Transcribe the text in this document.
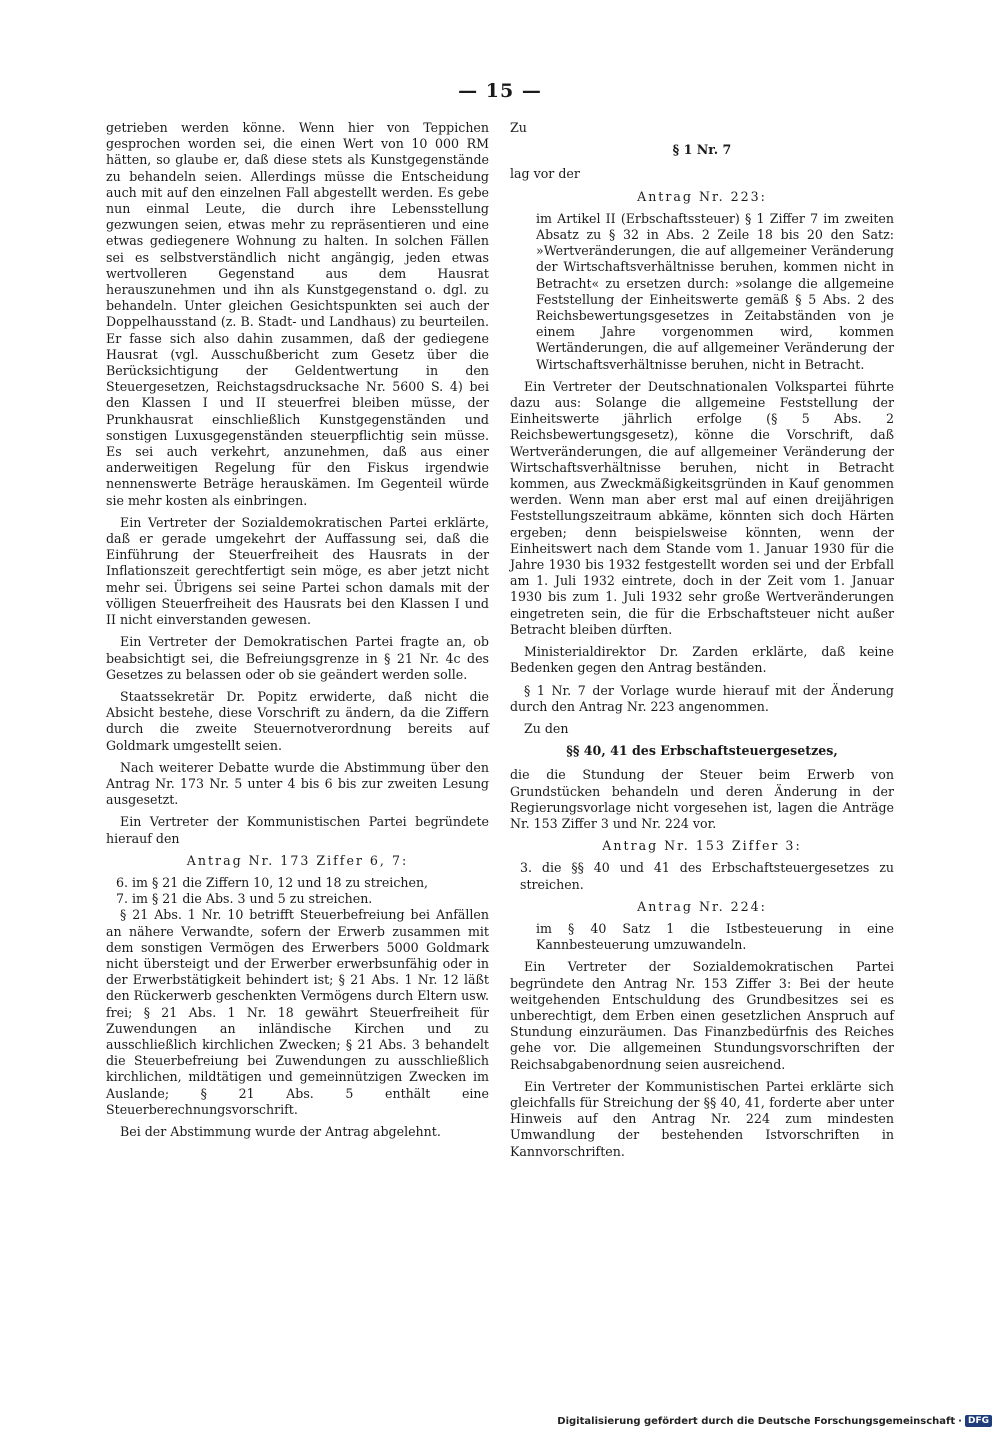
— 15 —

getrieben werden könne. Wenn hier von Teppichen gesprochen worden sei, die einen Wert von 10 000 RM hätten, so glaube er, daß diese stets als Kunstgegenstände zu behandeln seien. Allerdings müsse die Entscheidung auch mit auf den einzelnen Fall abgestellt werden. Es gebe nun einmal Leute, die durch ihre Lebensstellung gezwungen seien, etwas mehr zu repräsentieren und eine etwas gediegenere Wohnung zu halten. In solchen Fällen sei es selbstverständlich nicht angängig, jeden etwas wertvolleren Gegenstand aus dem Hausrat herauszunehmen und ihn als Kunstgegenstand o. dgl. zu behandeln. Unter gleichen Gesichtspunkten sei auch der Doppelhausstand (z. B. Stadt- und Landhaus) zu beurteilen. Er fasse sich also dahin zusammen, daß der gediegene Hausrat (vgl. Ausschußbericht zum Gesetz über die Berücksichtigung der Geldentwertung in den Steuergesetzen, Reichstagsdrucksache Nr. 5600 S. 4) bei den Klassen I und II steuerfrei bleiben müsse, der Prunkhausrat einschließlich Kunstgegenständen und sonstigen Luxusgegenständen steuerpflichtig sein müsse. Es sei auch verkehrt, anzunehmen, daß aus einer anderweitigen Regelung für den Fiskus irgendwie nennenswerte Beträge herauskämen. Im Gegenteil würde sie mehr kosten als einbringen.

Ein Vertreter der Sozialdemokratischen Partei erklärte, daß er gerade umgekehrt der Auffassung sei, daß die Einführung der Steuerfreiheit des Hausrats in der Inflationszeit gerechtfertigt sein möge, es aber jetzt nicht mehr sei. Übrigens sei seine Partei schon damals mit der völligen Steuerfreiheit des Hausrats bei den Klassen I und II nicht einverstanden gewesen.

Ein Vertreter der Demokratischen Partei fragte an, ob beabsichtigt sei, die Befreiungsgrenze in § 21 Nr. 4c des Gesetzes zu belassen oder ob sie geändert werden solle.

Staatssekretär Dr. Popitz erwiderte, daß nicht die Absicht bestehe, diese Vorschrift zu ändern, da die Ziffern durch die zweite Steuernotverordnung bereits auf Goldmark umgestellt seien.

Nach weiterer Debatte wurde die Abstimmung über den Antrag Nr. 173 Nr. 5 unter 4 bis 6 bis zur zweiten Lesung ausgesetzt.

Ein Vertreter der Kommunistischen Partei begründete hierauf den

Antrag Nr. 173 Ziffer 6, 7:

6. im § 21 die Ziffern 10, 12 und 18 zu streichen,

7. im § 21 die Abs. 3 und 5 zu streichen.

§ 21 Abs. 1 Nr. 10 betrifft Steuerbefreiung bei Anfällen an nähere Verwandte, sofern der Erwerb zusammen mit dem sonstigen Vermögen des Erwerbers 5000 Goldmark nicht übersteigt und der Erwerber erwerbsunfähig oder in der Erwerbstätigkeit behindert ist; § 21 Abs. 1 Nr. 12 läßt den Rückerwerb geschenkten Vermögens durch Eltern usw. frei; § 21 Abs. 1 Nr. 18 gewährt Steuerfreiheit für Zuwendungen an inländische Kirchen und zu ausschließlich kirchlichen Zwecken; § 21 Abs. 3 behandelt die Steuerbefreiung bei Zuwendungen zu ausschließlich kirchlichen, mildtätigen und gemeinnützigen Zwecken im Auslande; § 21 Abs. 5 enthält eine Steuerberechnungsvorschrift.

Bei der Abstimmung wurde der Antrag abgelehnt.

Zu

§ 1 Nr. 7

lag vor der

Antrag Nr. 223:

im Artikel II (Erbschaftssteuer) § 1 Ziffer 7 im zweiten Absatz zu § 32 in Abs. 2 Zeile 18 bis 20 den Satz: »Wertveränderungen, die auf allgemeiner Veränderung der Wirtschaftsverhältnisse beruhen, kommen nicht in Betracht« zu ersetzen durch: »solange die allgemeine Feststellung der Einheitswerte gemäß § 5 Abs. 2 des Reichsbewertungsgesetzes in Zeitabständen von je einem Jahre vorgenommen wird, kommen Wertänderungen, die auf allgemeiner Veränderung der Wirtschaftsverhältnisse beruhen, nicht in Betracht.

Ein Vertreter der Deutschnationalen Volkspartei führte dazu aus: Solange die allgemeine Feststellung der Einheitswerte jährlich erfolge (§ 5 Abs. 2 Reichsbewertungsgesetz), könne die Vorschrift, daß Wertveränderungen, die auf allgemeiner Veränderung der Wirtschaftsverhältnisse beruhen, nicht in Betracht kommen, aus Zweckmäßigkeitsgründen in Kauf genommen werden. Wenn man aber erst mal auf einen dreijährigen Feststellungszeitraum abkäme, könnten sich doch Härten ergeben; denn beispielsweise könnten, wenn der Einheitswert nach dem Stande vom 1. Januar 1930 für die Jahre 1930 bis 1932 festgestellt worden sei und der Erbfall am 1. Juli 1932 eintrete, doch in der Zeit vom 1. Januar 1930 bis zum 1. Juli 1932 sehr große Wertveränderungen eingetreten sein, die für die Erbschaftsteuer nicht außer Betracht bleiben dürften.

Ministerialdirektor Dr. Zarden erklärte, daß keine Bedenken gegen den Antrag beständen.

§ 1 Nr. 7 der Vorlage wurde hierauf mit der Änderung durch den Antrag Nr. 223 angenommen.

Zu den

§§ 40, 41 des Erbschaftsteuergesetzes,

die die Stundung der Steuer beim Erwerb von Grundstücken behandeln und deren Änderung in der Regierungsvorlage nicht vorgesehen ist, lagen die Anträge Nr. 153 Ziffer 3 und Nr. 224 vor.

Antrag Nr. 153 Ziffer 3:

3. die §§ 40 und 41 des Erbschaftsteuergesetzes zu streichen.

Antrag Nr. 224:

im § 40 Satz 1 die Istbesteuerung in eine Kannbesteuerung umzuwandeln.

Ein Vertreter der Sozialdemokratischen Partei begründete den Antrag Nr. 153 Ziffer 3: Bei der heute weitgehenden Entschuldung des Grundbesitzes sei es unberechtigt, dem Erben einen gesetzlichen Anspruch auf Stundung einzuräumen. Das Finanzbedürfnis des Reiches gehe vor. Die allgemeinen Stundungsvorschriften der Reichsabgabenordnung seien ausreichend.

Ein Vertreter der Kommunistischen Partei erklärte sich gleichfalls für Streichung der §§ 40, 41, forderte aber unter Hinweis auf den Antrag Nr. 224 zum mindesten Umwandlung der bestehenden Istvorschriften in Kannvorschriften.

Digitalisierung gefördert durch die Deutsche Forschungsgemeinschaft · DFG
